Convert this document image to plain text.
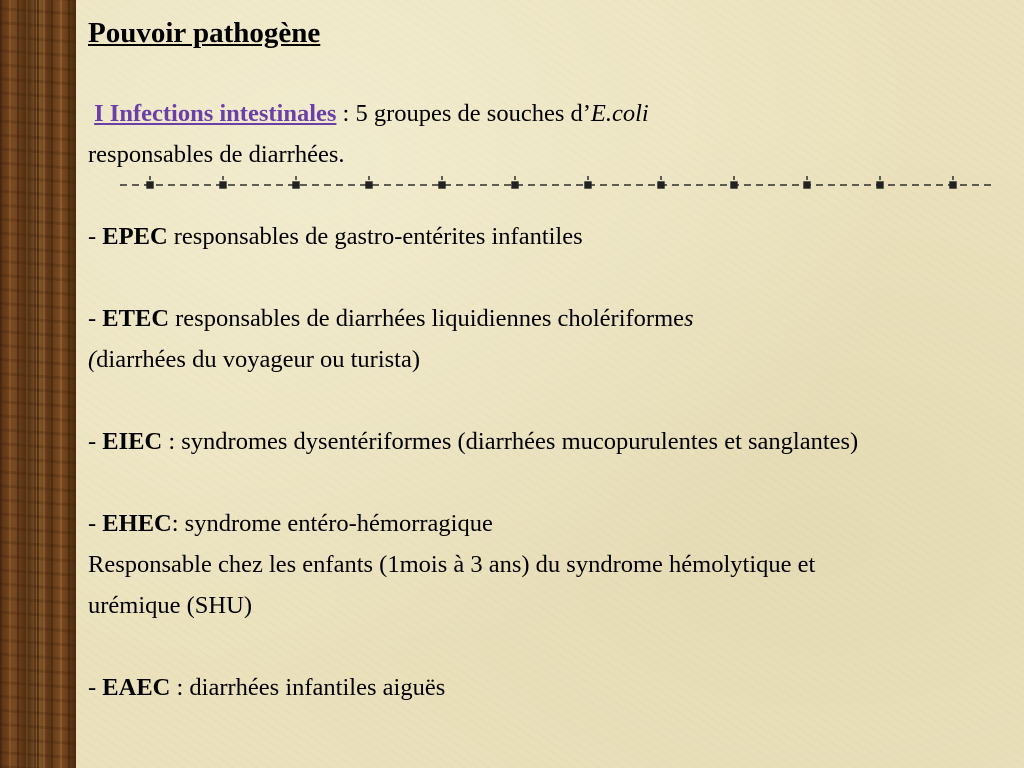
Pouvoir pathogène

I Infections intestinales : 5 groupes de souches d’E.coli
responsables de diarrhées.

- EPEC responsables de gastro-entérites infantiles

- ETEC responsables de diarrhées liquidiennes cholériformes
(diarrhées du voyageur ou turista)

- EIEC : syndromes dysentériformes (diarrhées mucopurulentes et sanglantes)

- EHEC: syndrome entéro-hémorragique
Responsable chez les enfants (1mois à 3 ans) du syndrome hémolytique et urémique (SHU)

- EAEC : diarrhées infantiles aiguës
